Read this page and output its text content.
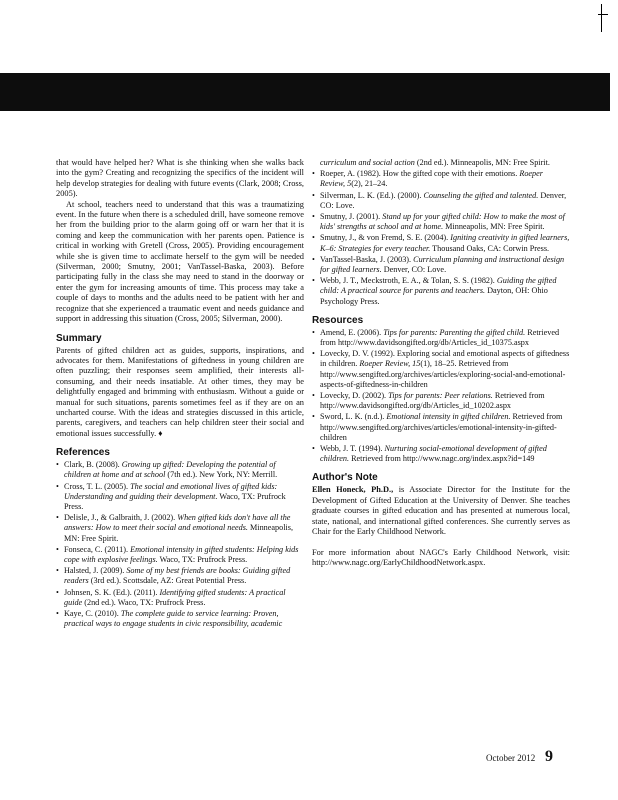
that would have helped her? What is she thinking when she walks back into the gym? Creating and recognizing the specifics of the incident will help develop strategies for dealing with future events (Clark, 2008; Cross, 2005).

At school, teachers need to understand that this was a traumatizing event. In the future when there is a scheduled drill, have someone remove her from the building prior to the alarm going off or warn her that it is coming and keep the communication with her parents open. Patience is critical in working with Gretell (Cross, 2005). Providing encouragement while she is given time to acclimate herself to the gym will be needed (Silverman, 2000; Smutny, 2001; VanTassel-Baska, 2003). Before participating fully in the class she may need to stand in the doorway or enter the gym for increasing amounts of time. This process may take a couple of days to months and the adults need to be patient with her and recognize that she experienced a traumatic event and needs guidance and support in addressing this situation (Cross, 2005; Silverman, 2000).

Summary

Parents of gifted children act as guides, supports, inspirations, and advocates for them. Manifestations of giftedness in young children are often puzzling; their responses seem amplified, their interests all-consuming, and their needs insatiable. At other times, they may be delightfully engaged and brimming with enthusiasm. Without a guide or manual for such situations, parents sometimes feel as if they are on an uncharted course. With the ideas and strategies discussed in this article, parents, caregivers, and teachers can help children steer their social and emotional issues successfully. ♦

References
• Clark, B. (2008). Growing up gifted: Developing the potential of children at home and at school (7th ed.). New York, NY: Merrill.
• Cross, T. L. (2005). The social and emotional lives of gifted kids: Understanding and guiding their development. Waco, TX: Prufrock Press.
• Delisle, J., & Galbraith, J. (2002). When gifted kids don't have all the answers: How to meet their social and emotional needs. Minneapolis, MN: Free Spirit.
• Fonseca, C. (2011). Emotional intensity in gifted students: Helping kids cope with explosive feelings. Waco, TX: Prufrock Press.
• Halsted, J. (2009). Some of my best friends are books: Guiding gifted readers (3rd ed.). Scottsdale, AZ: Great Potential Press.
• Johnsen, S. K. (Ed.). (2011). Identifying gifted students: A practical guide (2nd ed.). Waco, TX: Prufrock Press.
• Kaye, C. (2010). The complete guide to service learning: Proven, practical ways to engage students in civic responsibility, academic
curriculum and social action (2nd ed.). Minneapolis, MN: Free Spirit.
• Roeper, A. (1982). How the gifted cope with their emotions. Roeper Review, 5(2), 21–24.
• Silverman, L. K. (Ed.). (2000). Counseling the gifted and talented. Denver, CO: Love.
• Smutny, J. (2001). Stand up for your gifted child: How to make the most of kids' strengths at school and at home. Minneapolis, MN: Free Spirit.
• Smutny, J., & von Fremd, S. E. (2004). Igniting creativity in gifted learners, K–6: Strategies for every teacher. Thousand Oaks, CA: Corwin Press.
• VanTassel-Baska, J. (2003). Curriculum planning and instructional design for gifted learners. Denver, CO: Love.
• Webb, J. T., Meckstroth, E. A., & Tolan, S. S. (1982). Guiding the gifted child: A practical source for parents and teachers. Dayton, OH: Ohio Psychology Press.
Resources
• Amend, E. (2006). Tips for parents: Parenting the gifted child. Retrieved from http://www.davidsongifted.org/db/Articles_id_10375.aspx
• Lovecky, D. V. (1992). Exploring social and emotional aspects of giftedness in children. Roeper Review, 15(1), 18–25. Retrieved from http://www.sengifted.org/archives/articles/exploring-social-and-emotional-aspects-of-giftedness-in-children
• Lovecky, D. (2002). Tips for parents: Peer relations. Retrieved from http://www.davidsongifted.org/db/Articles_id_10202.aspx
• Sword, L. K. (n.d.). Emotional intensity in gifted children. Retrieved from http://www.sengifted.org/archives/articles/emotional-intensity-in-gifted-children
• Webb, J. T. (1994). Nurturing social-emotional development of gifted children. Retrieved from http://www.nagc.org/index.aspx?id=149
Author's Note

Ellen Honeck, Ph.D., is Associate Director for the Institute for the Development of Gifted Education at the University of Denver. She teaches graduate courses in gifted education and has presented at numerous local, state, national, and international gifted conferences. She currently serves as Chair for the Early Childhood Network.

For more information about NAGC's Early Childhood Network, visit: http://www.nagc.org/EarlyChildhoodNetwork.aspx.

October 2012 9
